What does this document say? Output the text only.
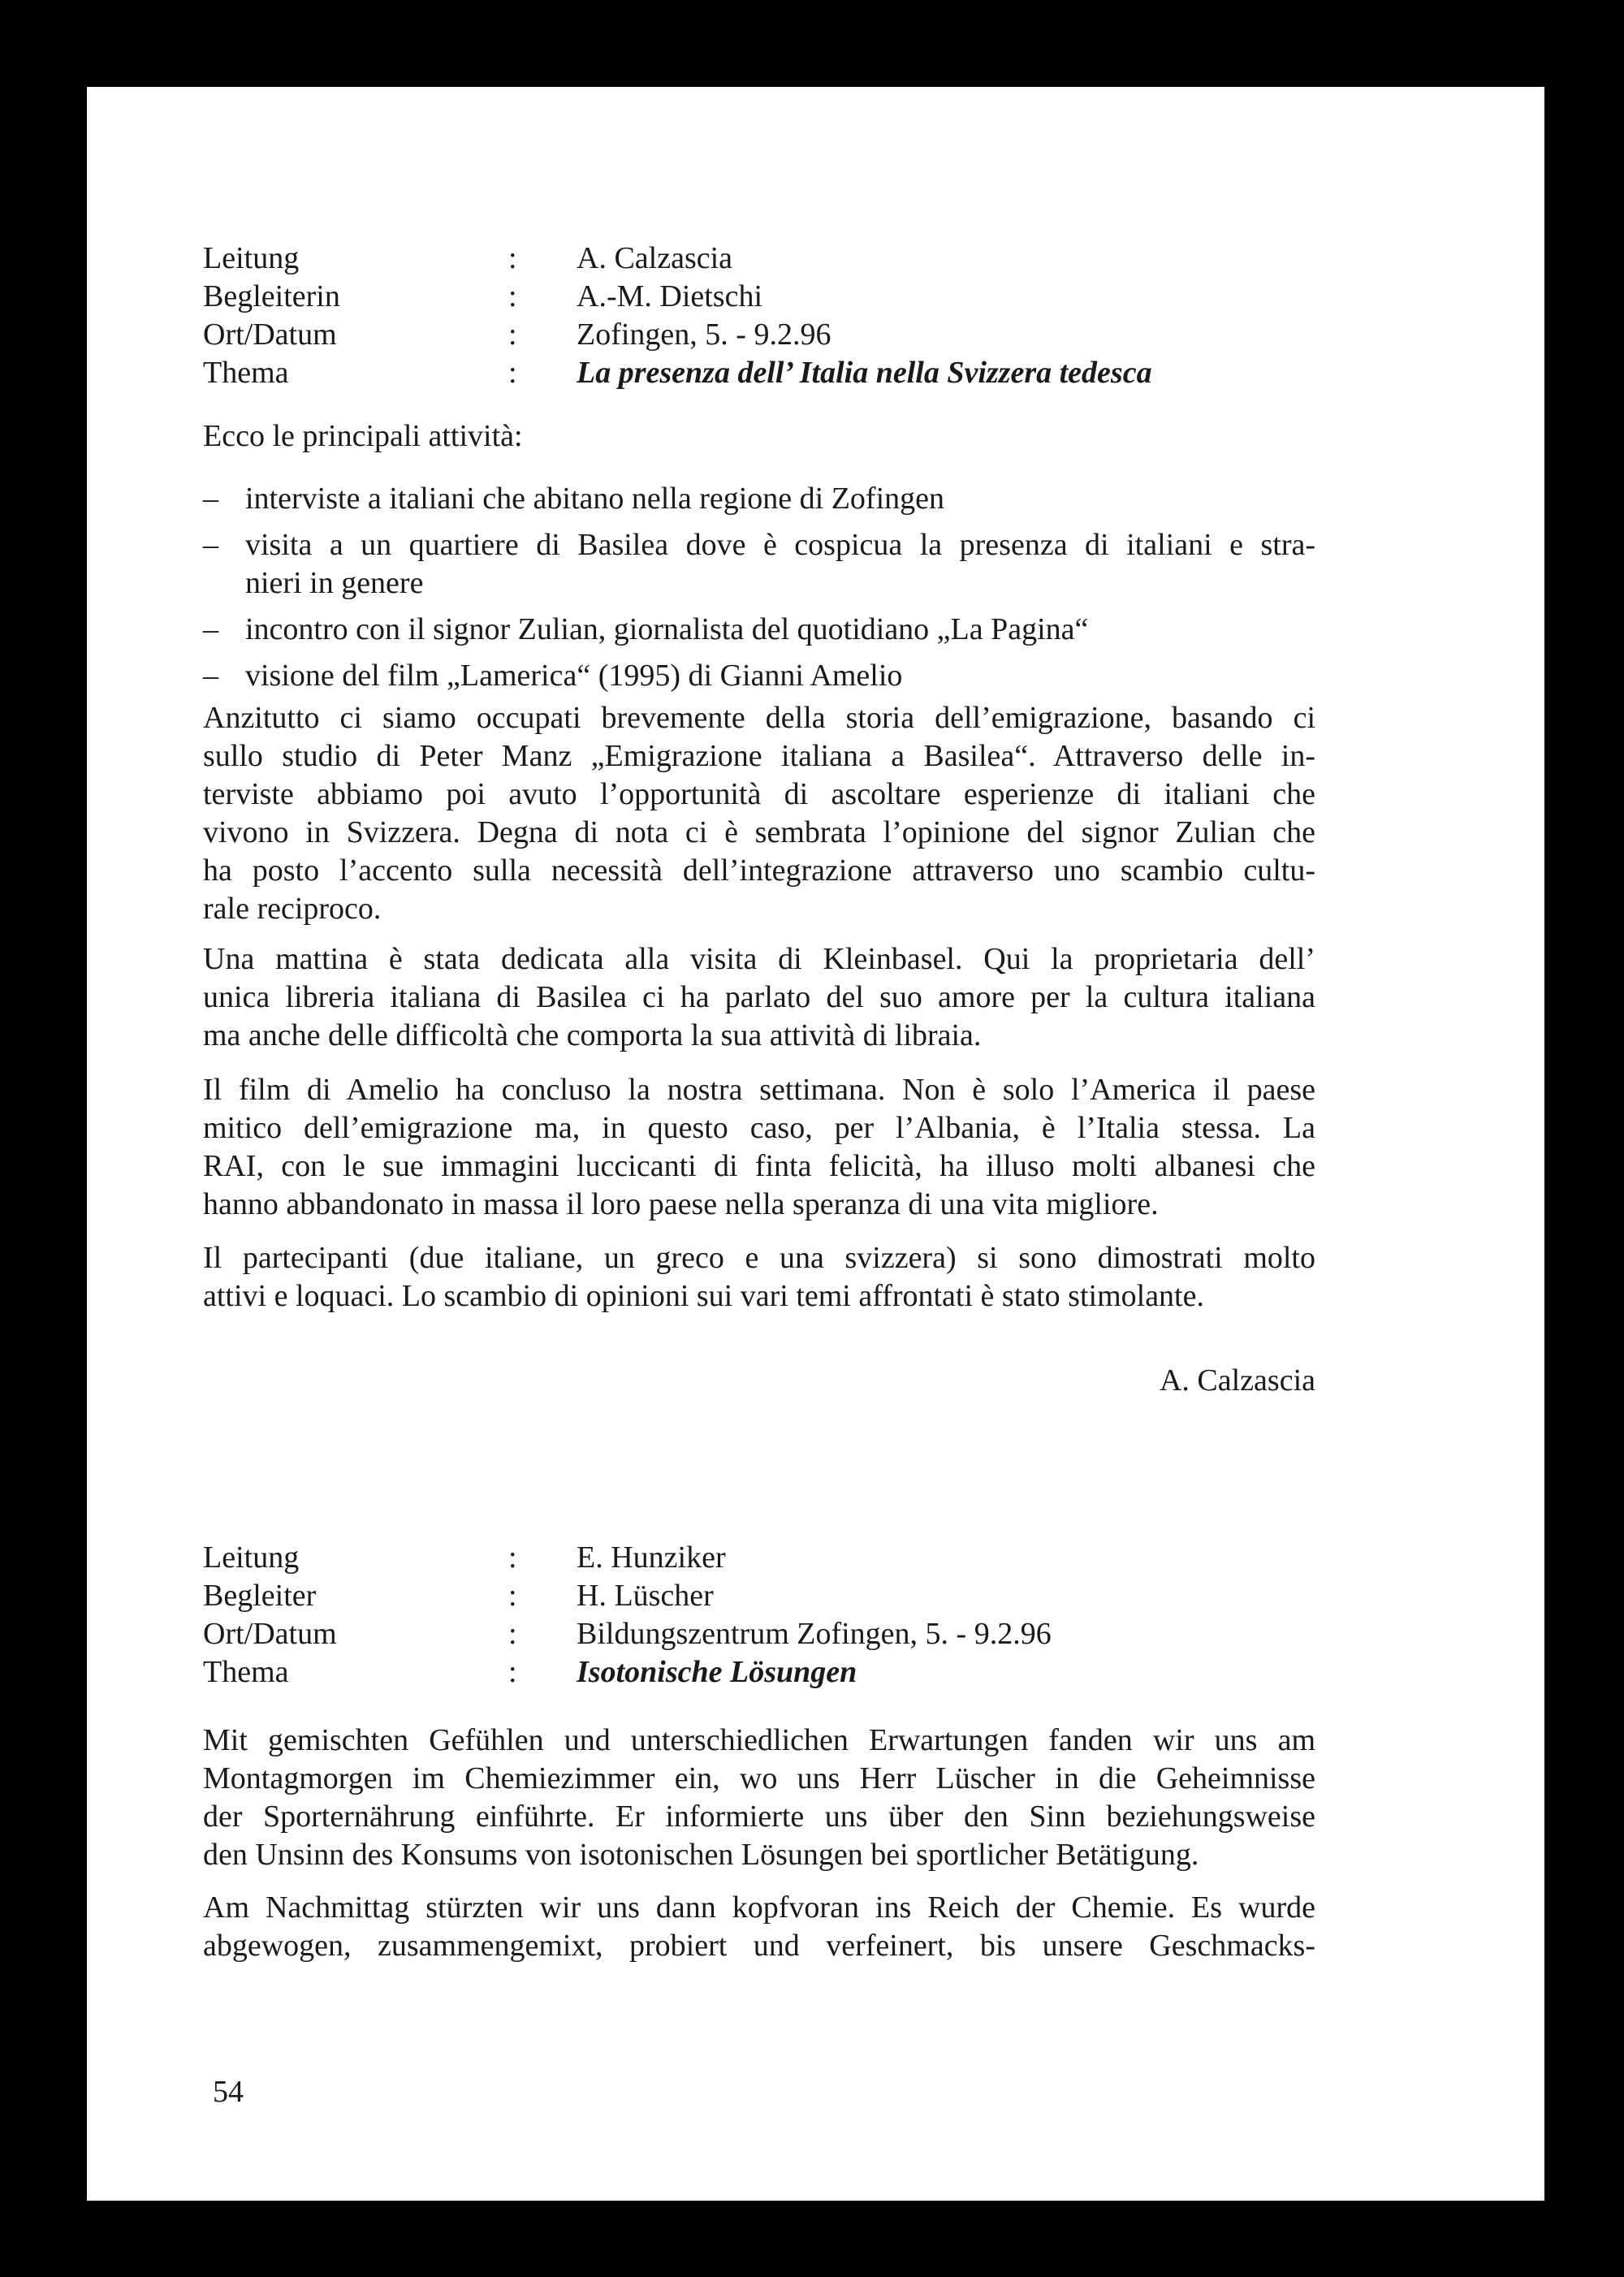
Leitung	:	A. Calzascia
Begleiterin	:	A.-M. Dietschi
Ort/Datum	:	Zofingen, 5. - 9.2.96
Thema	:	La presenza dell’ Italia nella Svizzera tedesca
Ecco le principali attività:
– interviste a italiani che abitano nella regione di Zofingen
– visita a un quartiere di Basilea dove è cospicua la presenza di italiani e stra-
nieri in genere
– incontro con il signor Zulian, giornalista del quotidiano „La Pagina“
– visione del film „Lamerica“ (1995) di Gianni Amelio
Anzitutto ci siamo occupati brevemente della storia dell’emigrazione, basando ci
sullo studio di Peter Manz „Emigrazione italiana a Basilea“. Attraverso delle in-
terviste abbiamo poi avuto l’opportunità di ascoltare esperienze di italiani che
vivono in Svizzera. Degna di nota ci è sembrata l’opinione del signor Zulian che
ha posto l’accento sulla necessità dell’integrazione attraverso uno scambio cultu-
rale reciproco.
Una mattina è stata dedicata alla visita di Kleinbasel. Qui la proprietaria dell’
unica libreria italiana di Basilea ci ha parlato del suo amore per la cultura italiana
ma anche delle difficoltà che comporta la sua attività di libraia.
Il film di Amelio ha concluso la nostra settimana. Non è solo l’America il paese
mitico dell’emigrazione ma, in questo caso, per l’Albania, è l’Italia stessa. La
RAI, con le sue immagini luccicanti di finta felicità, ha illuso molti albanesi che
hanno abbandonato in massa il loro paese nella speranza di una vita migliore.
Il partecipanti (due italiane, un greco e una svizzera) si sono dimostrati molto
attivi e loquaci. Lo scambio di opinioni sui vari temi affrontati è stato stimolante.
A. Calzascia
Leitung	:	E. Hunziker
Begleiter	:	H. Lüscher
Ort/Datum	:	Bildungszentrum Zofingen, 5. - 9.2.96
Thema	:	Isotonische Lösungen
Mit gemischten Gefühlen und unterschiedlichen Erwartungen fanden wir uns am
Montagmorgen im Chemiezimmer ein, wo uns Herr Lüscher in die Geheimnisse
der Sporternährung einführte. Er informierte uns über den Sinn beziehungsweise
den Unsinn des Konsums von isotonischen Lösungen bei sportlicher Betätigung.
Am Nachmittag stürzten wir uns dann kopfvoran ins Reich der Chemie. Es wurde
abgewogen, zusammengemixt, probiert und verfeinert, bis unsere Geschmacks-
54
